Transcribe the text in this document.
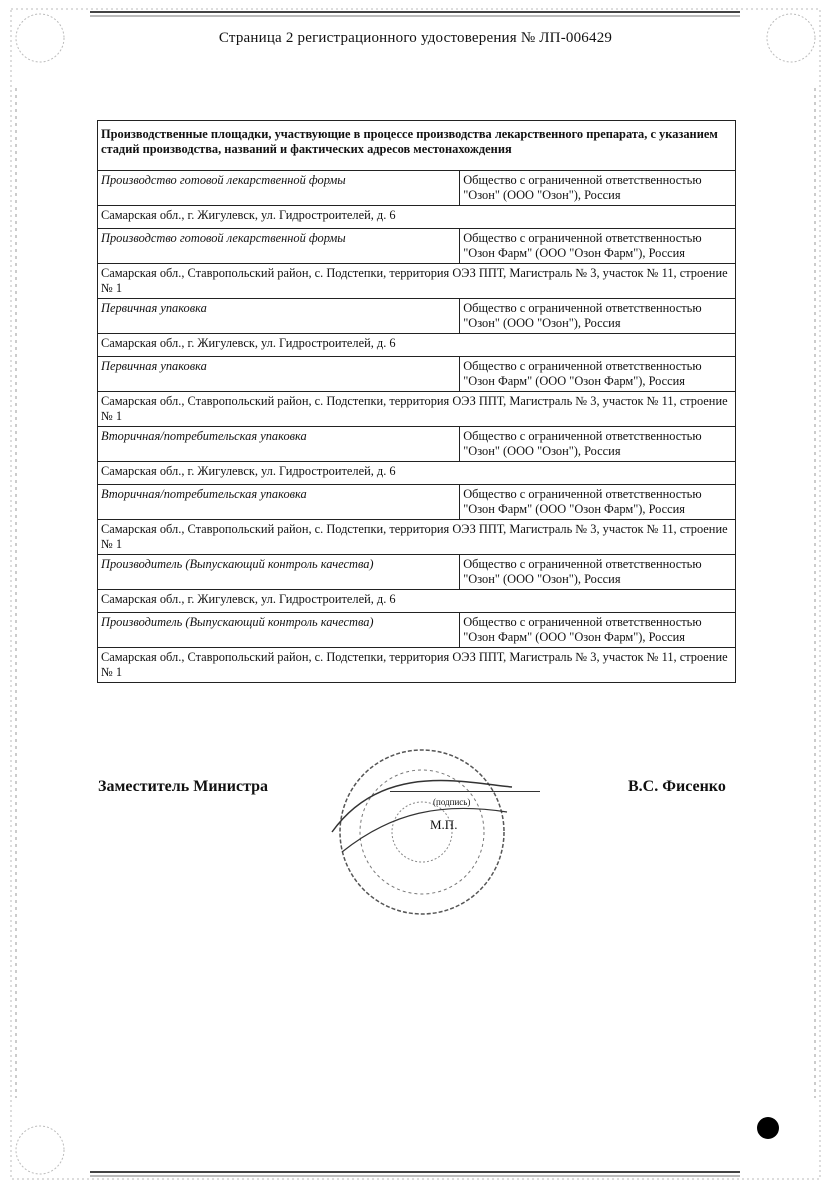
Страница 2 регистрационного удостоверения № ЛП-006429
Производственные площадки, участвующие в процессе производства лекарственного препарата, с указанием стадий производства, названий и фактических адресов местонахождения	
Производство готовой лекарственной формы	Общество с ограниченной ответственностью "Озон" (ООО "Озон"), Россия
Самарская обл., г. Жигулевск, ул. Гидростроителей, д. 6	
Производство готовой лекарственной формы	Общество с ограниченной ответственностью "Озон Фарм" (ООО "Озон Фарм"), Россия
Самарская обл., Ставропольский район, с. Подстепки, территория ОЭЗ ППТ, Магистраль № 3, участок № 11, строение № 1	
Первичная упаковка	Общество с ограниченной ответственностью "Озон" (ООО "Озон"), Россия
Самарская обл., г. Жигулевск, ул. Гидростроителей, д. 6	
Первичная упаковка	Общество с ограниченной ответственностью "Озон Фарм" (ООО "Озон Фарм"), Россия
Самарская обл., Ставропольский район, с. Подстепки, территория ОЭЗ ППТ, Магистраль № 3, участок № 11, строение № 1	
Вторичная/потребительская упаковка	Общество с ограниченной ответственностью "Озон" (ООО "Озон"), Россия
Самарская обл., г. Жигулевск, ул. Гидростроителей, д. 6	
Вторичная/потребительская упаковка	Общество с ограниченной ответственностью "Озон Фарм" (ООО "Озон Фарм"), Россия
Самарская обл., Ставропольский район, с. Подстепки, территория ОЭЗ ППТ, Магистраль № 3, участок № 11, строение № 1	
Производитель (Выпускающий контроль качества)	Общество с ограниченной ответственностью "Озон" (ООО "Озон"), Россия
Самарская обл., г. Жигулевск, ул. Гидростроителей, д. 6	
Производитель (Выпускающий контроль качества)	Общество с ограниченной ответственностью "Озон Фарм" (ООО "Озон Фарм"), Россия
Самарская обл., Ставропольский район, с. Подстепки, территория ОЭЗ ППТ, Магистраль № 3, участок № 11, строение № 1	
Заместитель Министра
(подпись)
М.П.
В.С. Фисенко
